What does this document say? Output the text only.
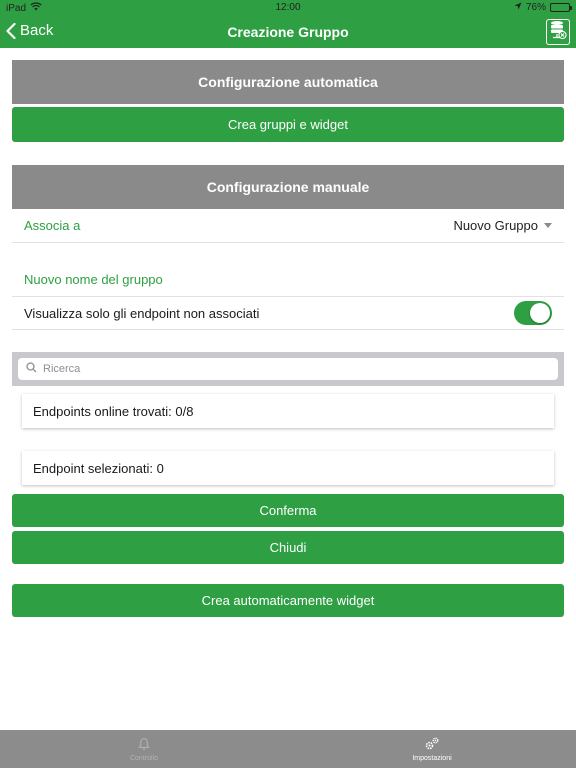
iPad	12:00	76%
Back	Creazione Gruppo
Configurazione automatica
Crea gruppi e widget
Configurazione manuale
Associa a	Nuovo Gruppo
Nuovo nome del gruppo
Visualizza solo gli endpoint non associati
Ricerca
Endpoints online trovati: 0/8
Endpoint selezionati: 0
Conferma
Chiudi
Crea automaticamente widget
Controllo	Impostazioni
